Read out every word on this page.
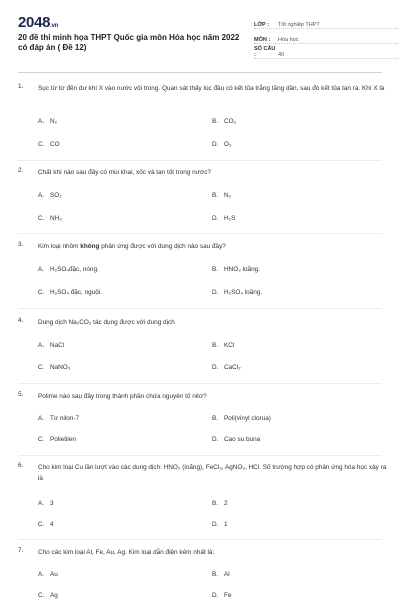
2048.vn
20 đề thi minh họa THPT Quốc gia môn Hóa học năm 2022 có đáp án ( Đề 12)
LỚP :	Tốt nghiệp THPT
MÔN :	Hóa học
SỐ CÂU :	40
1.	Sục từ từ đến dư khí X vào nước vôi trong. Quan sát thấy lúc đầu có kết tủa trắng tăng dần, sau đó kết tủa tan ra. Khí X là
A. N₂	B. CO₂
C. CO	D. O₂
2.	Chất khí nào sau đây có mùi khai, xốc và tan tốt trong nước?
A. SO₂	B. N₂
C. NH₃	D. H₂S
3.	Kim loại nhôm không phản ứng được với dung dịch nào sau đây?
A. H₂SO₄đặc, nóng.	B. HNO₃ loãng.
C. H₂SO₄ đặc, nguội.	D. H₂SO₄ loãng.
4.	Dung dịch Na₂CO₃ tác dụng được với dung dịch
A. NaCl	B. KCl
C. NaNO₃	D. CaCl₂
5.	Polime nào sau đây trong thành phần chứa nguyên tố nitơ?
A. Tơ nilon-7	B. Poli(vinyl clorua)
C. Polietilen	D. Cao su buna
6.	Cho kim loại Cu lần lượt vào các dung dịch: HNO₃ (loãng), FeCl₃, AgNO₃, HCl. Số trường hợp có phản ứng hóa học xảy ra là
A. 3	B. 2
C. 4	D. 1
7.	Cho các kim loại Al, Fe, Au, Ag. Kim loại dẫn điện kém nhất là:
A. Au	B. Al
C. Ag	D. Fe
